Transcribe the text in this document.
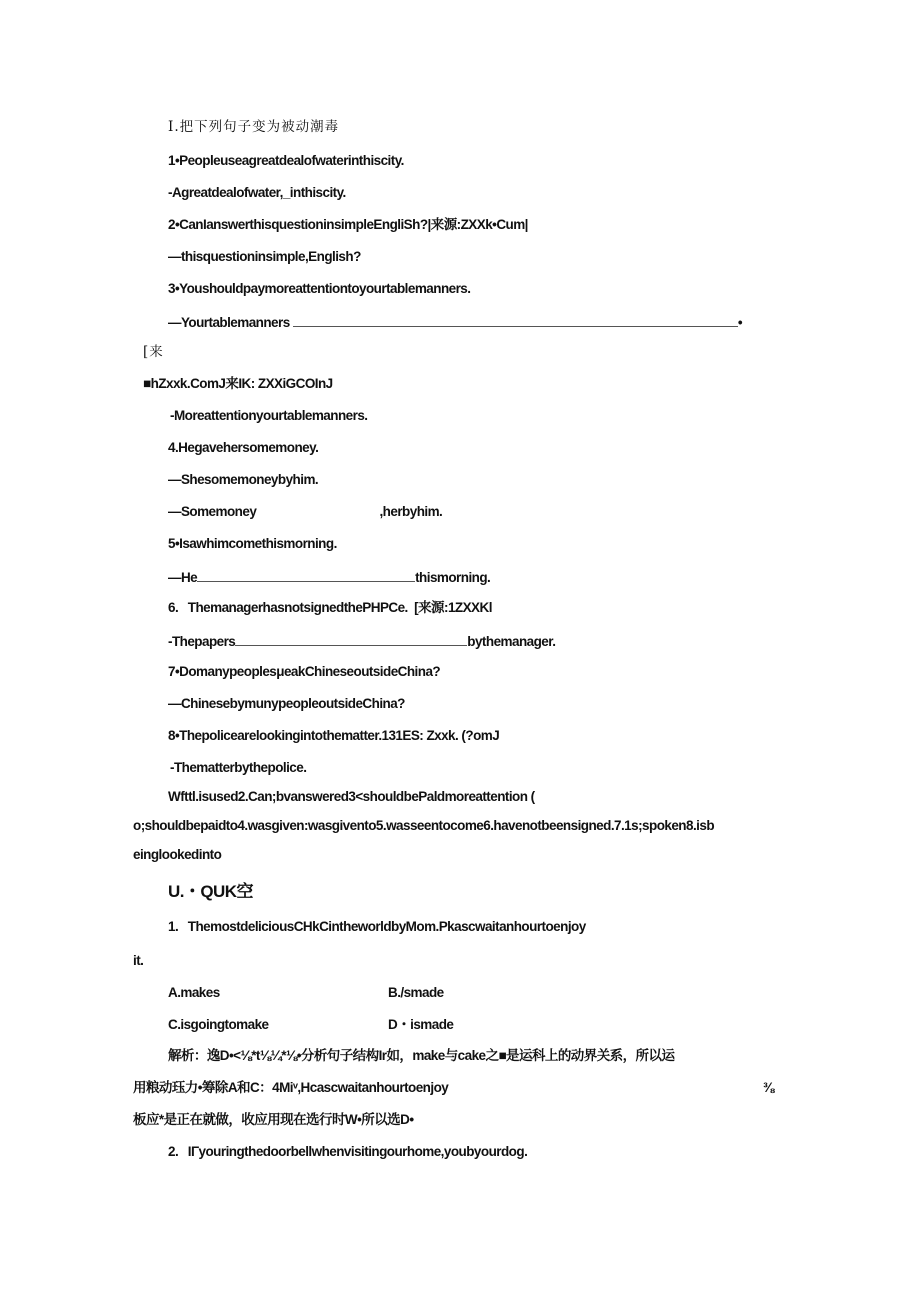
Ⅰ.把下列句子变为被动潮毒
1•Peopleuseagreatdealofwaterinthiscity.
-Agreatdealofwater,_inthiscity.
2•CanIanswerthisquestioninsimpleEngliSh?|来源:ZXXk•Cum|
—thisquestioninsimple,English?
3•Youshouldpaymoreattentiontoyourtablemanners.
—Yourtablemanners	•
[来
■hZxxk.ComJ来IK: ZXXiGCOInJ
-Moreattentionyourtablemanners.
4.Hegavehersomemoney.
—Shesomemoneybyhim.
—Somemoney	,herbyhim.
5•Isawhimcomethismorning.
—He	thismorning.
6.   ThemanagerhasnotsignedthePHPCe.  [来源:1ZXXKl
-Thepapers	bythemanager.
7•DomanypeoplesμeakChineseoutsideChina?
—ChinesebymunypeopleoutsideChina?
8•Thepolicearelookingintothematter.131ES: Zxxk. (?omJ
-Thematterbythepolice.
Wfttl.isused2.Can;bvanswered3<shouldbePaldmoreattention (
o;shouldbepaidto4.wasgiven:wasgivento5.wasseentocome6.havenotbeensigned.7.1s;spoken8.isb
einglookedinto
U.・QUK空
1.   ThemostdeliciousCHkCintheworldbyMom.Pkascwaitanhourtoenjoy
it.
A.makes	B./smade
C.isgoingtomake	D・ismade
解析：逸D•<⅛*t⅛¼*⅛•分析句子结构Ir如，make与cake之■是运科上的动界关系，所以运
用粮动珏力•筹除A和C：4Miᵛ,Hcascwaitanhourtoenjoy	⅜
板应*是正在就做，收应用现在选行时W•所以选D•
2.   IΓyouringthedoorbellwhenvisitingourhome,youbyourdog.
